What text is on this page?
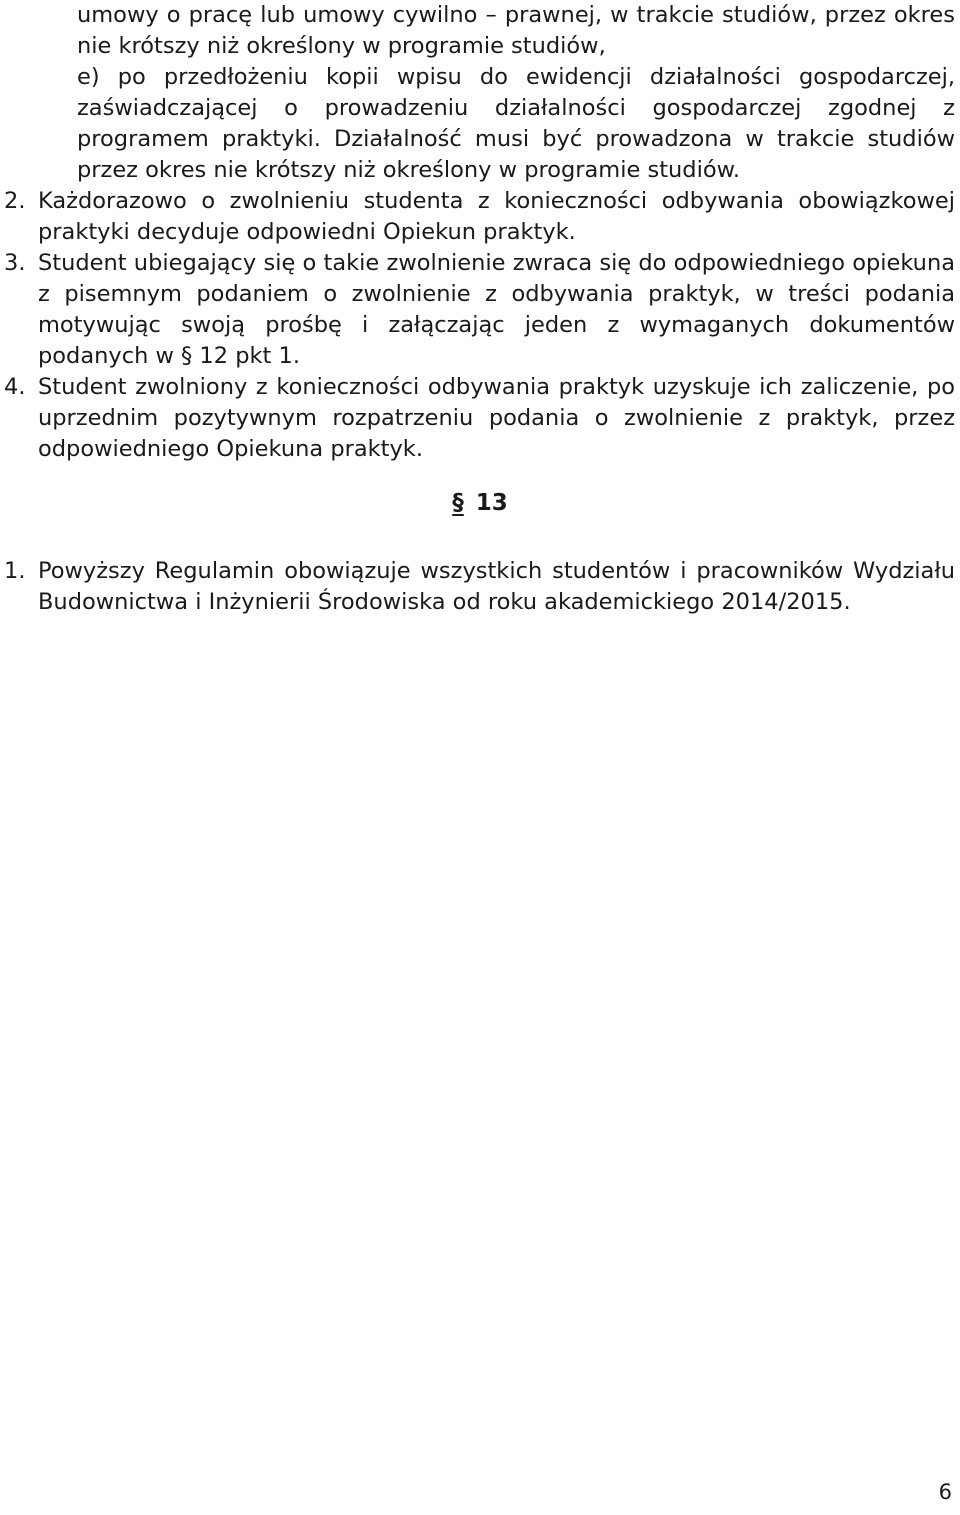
umowy o pracę lub umowy cywilno – prawnej, w trakcie studiów, przez okres nie krótszy niż określony w programie studiów,

e) po przedłożeniu kopii wpisu do ewidencji działalności gospodarczej, zaświadczającej o prowadzeniu działalności gospodarczej zgodnej z programem praktyki. Działalność musi być prowadzona w trakcie studiów przez okres nie krótszy niż określony w programie studiów.

2. Każdorazowo o zwolnieniu studenta z konieczności odbywania obowiązkowej praktyki decyduje odpowiedni Opiekun praktyk.

3. Student ubiegający się o takie zwolnienie zwraca się do odpowiedniego opiekuna z pisemnym podaniem o zwolnienie z odbywania praktyk, w treści podania motywując swoją prośbę i załączając jeden z wymaganych dokumentów podanych w § 12 pkt 1.

4. Student zwolniony z konieczności odbywania praktyk uzyskuje ich zaliczenie, po uprzednim pozytywnym rozpatrzeniu podania o zwolnienie z praktyk, przez odpowiedniego Opiekuna praktyk.

§ 13

1. Powyższy Regulamin obowiązuje wszystkich studentów i pracowników Wydziału Budownictwa i Inżynierii Środowiska od roku akademickiego 2014/2015.

6
